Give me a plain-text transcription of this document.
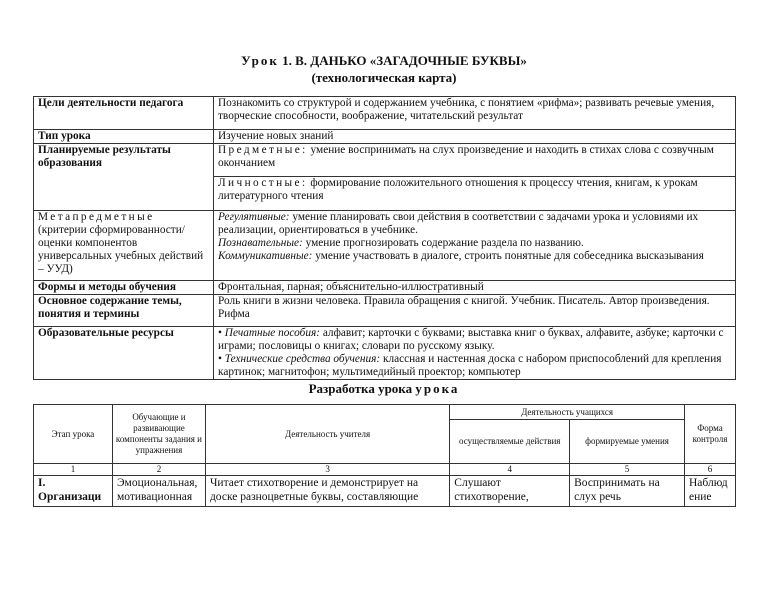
Урок 1. В. ДАНЬКО «ЗАГАДОЧНЫЕ БУКВЫ»
(технологическая карта)
Цели деятельности педагога	Познакомить со структурой и содержанием учебника, с понятием «рифма»; развивать речевые умения, творческие способности, воображение, читательский результат
Тип урока	Изучение новых знаний
Планируемые результаты образования	Предметные: умение воспринимать на слух произведение и находить в стихах слова с созвучным окончанием
Личностные: формирование положительного отношения к процессу чтения, книгам, к урокам литературного чтения

Метапредметные
(критерии сформированности/оценки компонентов универсальных учебных действий – УУД)	Регулятивные: умение планировать свои действия в соответствии с задачами урока и условиями их реализации, ориентироваться в учебнике.
Познавательные: умение прогнозировать содержание раздела по названию.
Коммуникативные: умение участвовать в диалоге, строить понятные для собеседника высказывания
Формы и методы обучения	Фронтальная, парная; объяснительно-иллюстративный
Основное содержание темы, понятия и термины	Роль книги в жизни человека. Правила обращения с книгой. Учебник. Писатель. Автор произведения. Рифма
Образовательные ресурсы	• Печатные пособия: алфавит; карточки с буквами; выставка книг о буквах, алфавите, азбуке; карточки с играми; пословицы о книгах; словари по русскому языку.
• Технические средства обучения: классная и настенная доска с набором приспособлений для крепления картинок; магнитофон; мультимедийный проектор; компьютер
Разработка урока урока
Этап урока	Обучающие и развивающие компоненты задания и упражнения	Деятельность учителя	Деятельность учащихся		Форма контроля
			осуществляемые действия	формируемые умения	
1	2	3	4	5	6
I. Организаци	Эмоциональная, мотивационная	Читает стихотворение и демонстрирует на доске разноцветные буквы, составляющие	Слушают стихотворение,	Воспринимать на слух речь	Наблюд ение
